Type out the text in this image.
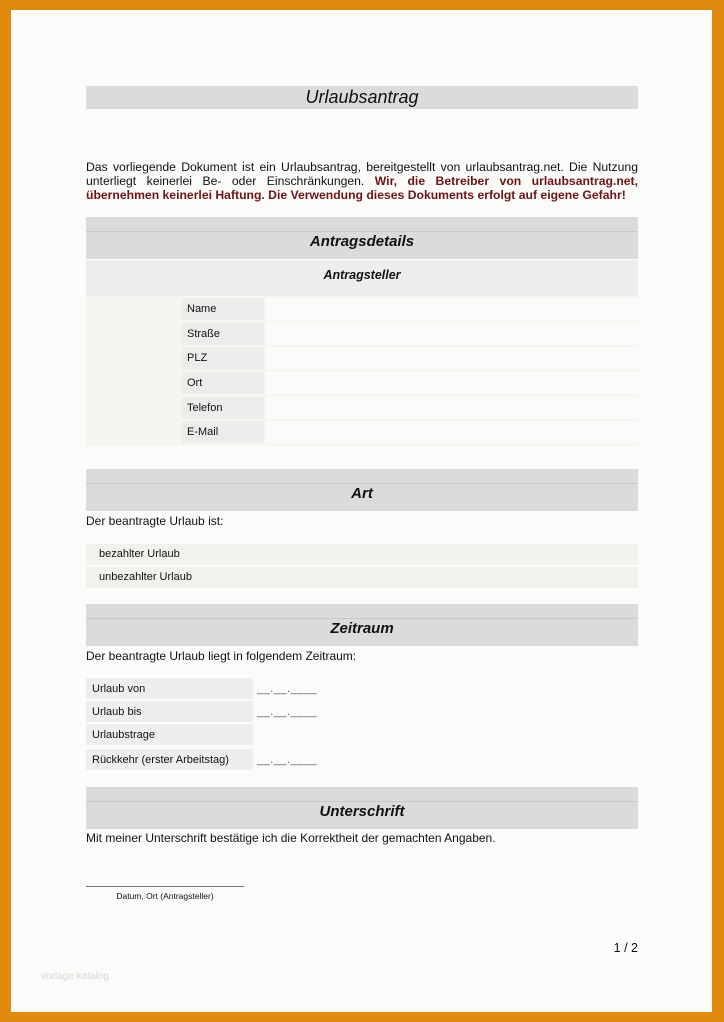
Urlaubsantrag
Das vorliegende Dokument ist ein Urlaubsantrag, bereitgestellt von urlaubsantrag.net. Die Nutzung unterliegt keinerlei Be- oder Einschränkungen. Wir, die Betreiber von urlaubsantrag.net, übernehmen keinerlei Haftung. Die Verwendung dieses Dokuments erfolgt auf eigene Gefahr!
Antragsdetails
Antragsteller
Name
Straße
PLZ
Ort
Telefon
E-Mail
Art
Der beantragte Urlaub ist:
bezahlter Urlaub
unbezahlter Urlaub
Zeitraum
Der beantragte Urlaub liegt in folgendem Zeitraum:
Urlaub von	__.__.____
Urlaub bis	__.__.____
Urlaubstrage
Rückkehr (erster Arbeitstag)	__.__.____
Unterschrift
Mit meiner Unterschrift bestätige ich die Korrektheit der gemachten Angaben.
Datum, Ort (Antragsteller)
1 / 2
vorlage katalog
